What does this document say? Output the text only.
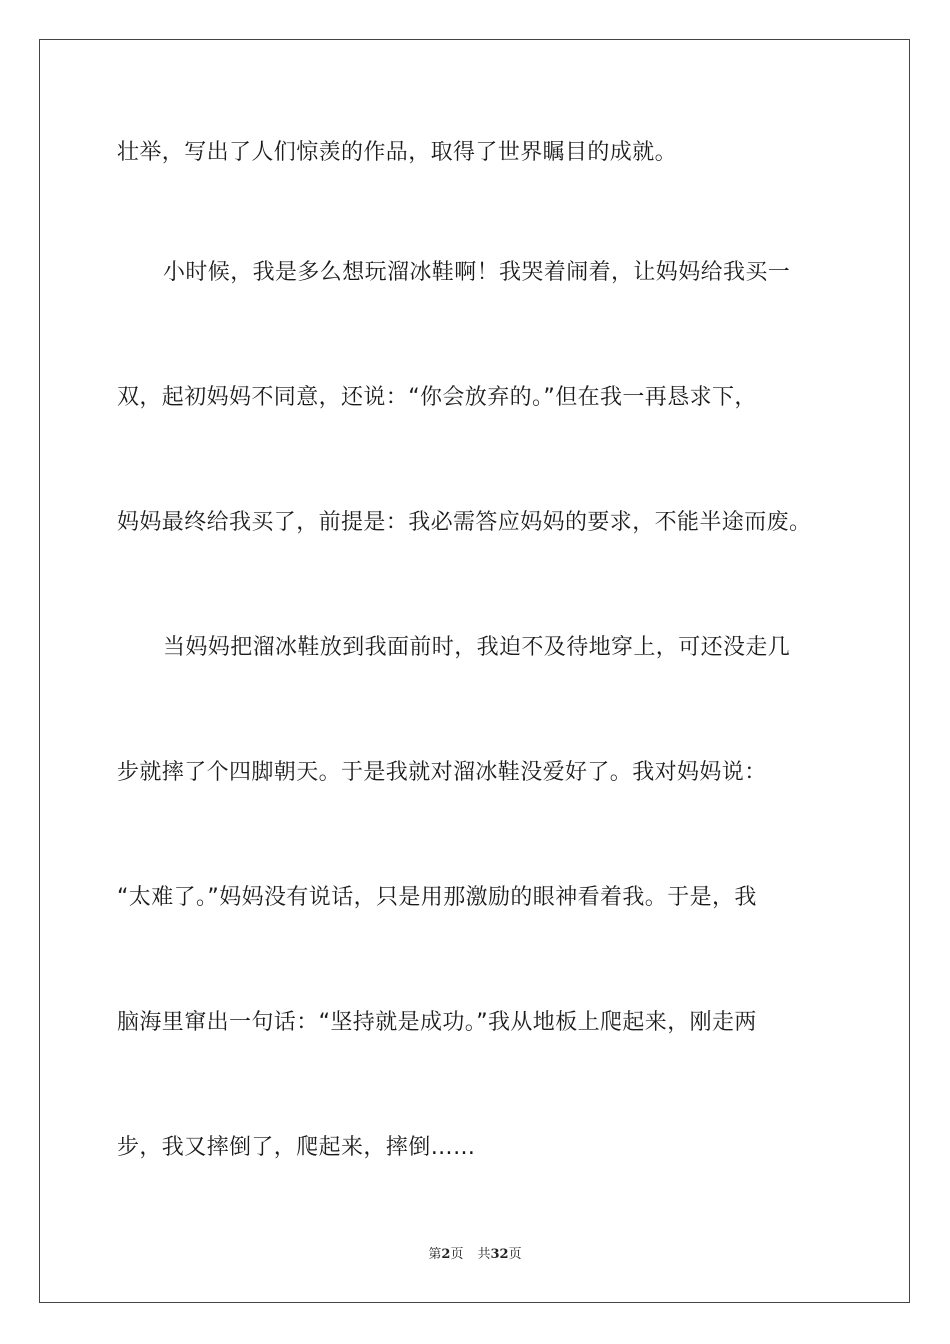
壮举，写出了人们惊羡的作品，取得了世界瞩目的成就。
小时候，我是多么想玩溜冰鞋啊！我哭着闹着，让妈妈给我买一
双，起初妈妈不同意，还说：“你会放弃的。”但在我一再恳求下，
妈妈最终给我买了，前提是：我必需答应妈妈的要求，不能半途而废。
当妈妈把溜冰鞋放到我面前时，我迫不及待地穿上，可还没走几
步就摔了个四脚朝天。于是我就对溜冰鞋没爱好了。我对妈妈说：
“太难了。”妈妈没有说话，只是用那激励的眼神看着我。于是，我
脑海里窜出一句话：“坚持就是成功。”我从地板上爬起来，刚走两
步，我又摔倒了，爬起来，摔倒……
第2页 共32页
